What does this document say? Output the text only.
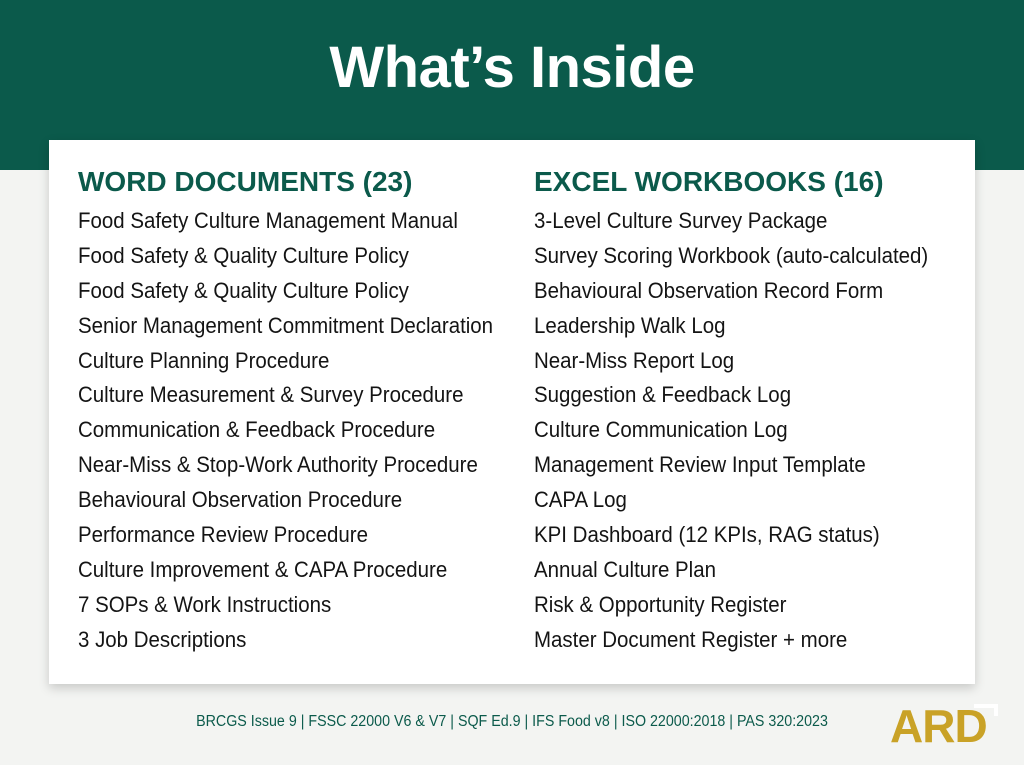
What’s Inside
WORD DOCUMENTS (23)
Food Safety Culture Management Manual
Food Safety & Quality Culture Policy
Food Safety & Quality Culture Policy
Senior Management Commitment Declaration
Culture Planning Procedure
Culture Measurement & Survey Procedure
Communication & Feedback Procedure
Near-Miss & Stop-Work Authority Procedure
Behavioural Observation Procedure
Performance Review Procedure
Culture Improvement & CAPA Procedure
7 SOPs & Work Instructions
3 Job Descriptions
EXCEL WORKBOOKS (16)
3-Level Culture Survey Package
Survey Scoring Workbook (auto-calculated)
Behavioural Observation Record Form
Leadership Walk Log
Near-Miss Report Log
Suggestion & Feedback Log
Culture Communication Log
Management Review Input Template
CAPA Log
KPI Dashboard (12 KPIs, RAG status)
Annual Culture Plan
Risk & Opportunity Register
Master Document Register + more
BRCGS Issue 9 | FSSC 22000 V6 & V7 | SQF Ed.9 | IFS Food v8 | ISO 22000:2018 | PAS 320:2023	ARD
